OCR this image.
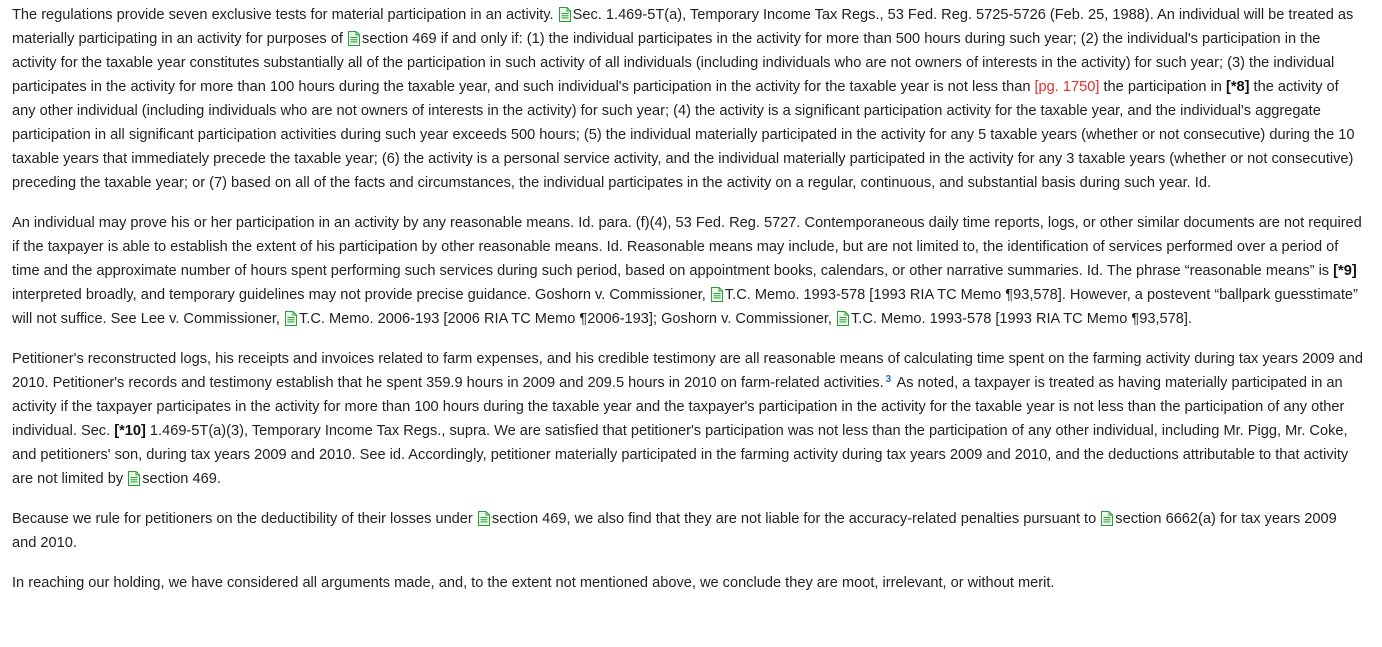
The regulations provide seven exclusive tests for material participation in an activity.
Sec. 1.469-5T(a), Temporary Income Tax Regs., 53 Fed. Reg. 5725-5726 (Feb. 25, 1988). An individual will be treated as materially participating in an activity for purposes of
section 469 if and only if: (1) the individual participates in the activity for more than 500 hours during such year; (2) the individual's participation in the activity for the taxable year constitutes substantially all of the participation in such activity of all individuals (including individuals who are not owners of interests in the activity) for such year; (3) the individual participates in the activity for more than 100 hours during the taxable year, and such individual's participation in the activity for the taxable year is not less than [pg. 1750] the participation in [*8] the activity of any other individual (including individuals who are not owners of interests in the activity) for such year; (4) the activity is a significant participation activity for the taxable year, and the individual's aggregate participation in all significant participation activities during such year exceeds 500 hours; (5) the individual materially participated in the activity for any 5 taxable years (whether or not consecutive) during the 10 taxable years that immediately precede the taxable year; (6) the activity is a personal service activity, and the individual materially participated in the activity for any 3 taxable years (whether or not consecutive) preceding the taxable year; or (7) based on all of the facts and circumstances, the individual participates in the activity on a regular, continuous, and substantial basis during such year. Id.

An individual may prove his or her participation in an activity by any reasonable means. Id. para. (f)(4), 53 Fed. Reg. 5727. Contemporaneous daily time reports, logs, or other similar documents are not required if the taxpayer is able to establish the extent of his participation by other reasonable means. Id. Reasonable means may include, but are not limited to, the identification of services performed over a period of time and the approximate number of hours spent performing such services during such period, based on appointment books, calendars, or other narrative summaries. Id. The phrase “reasonable means” is [*9] interpreted broadly, and temporary guidelines may not provide precise guidance. Goshorn v. Commissioner,
T.C. Memo. 1993-578 [1993 RIA TC Memo ¶93,578]. However, a postevent “ballpark guesstimate” will not suffice. See Lee v. Commissioner,
T.C. Memo. 2006-193 [2006 RIA TC Memo ¶2006-193]; Goshorn v. Commissioner,
T.C. Memo. 1993-578 [1993 RIA TC Memo ¶93,578].

Petitioner's reconstructed logs, his receipts and invoices related to farm expenses, and his credible testimony are all reasonable means of calculating time spent on the farming activity during tax years 2009 and 2010. Petitioner's records and testimony establish that he spent 359.9 hours in 2009 and 209.5 hours in 2010 on farm-related activities. $^3$ As noted, a taxpayer is treated as having materially participated in an activity if the taxpayer participates in the activity for more than 100 hours during the taxable year and the taxpayer's participation in the activity for the taxable year is not less than the participation of any other individual. Sec. [*10] 1.469-5T(a)(3), Temporary Income Tax Regs., supra. We are satisfied that petitioner's participation was not less than the participation of any other individual, including Mr. Pigg, Mr. Coke, and petitioners' son, during tax years 2009 and 2010. See id. Accordingly, petitioner materially participated in the farming activity during tax years 2009 and 2010, and the deductions attributable to that activity are not limited by
section 469.

Because we rule for petitioners on the deductibility of their losses under
section 469, we also find that they are not liable for the accuracy-related penalties pursuant to
section 6662(a) for tax years 2009 and 2010.

In reaching our holding, we have considered all arguments made, and, to the extent not mentioned above, we conclude they are moot, irrelevant, or without merit.
